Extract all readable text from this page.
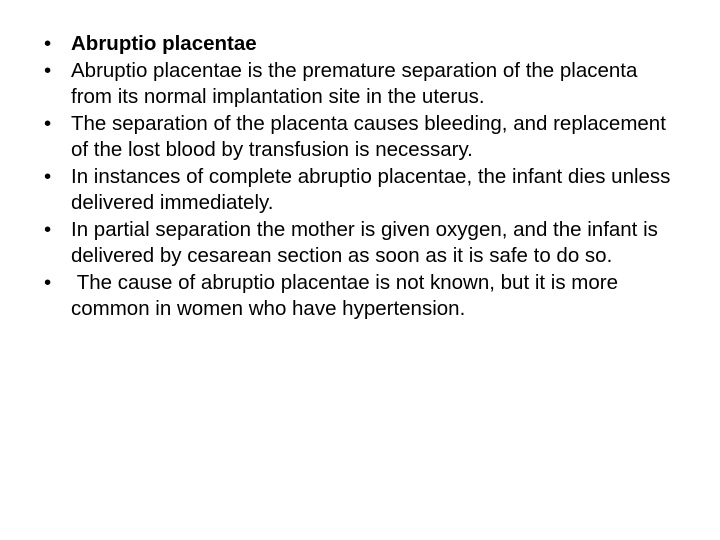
• Abruptio placentae
• Abruptio placentae is the premature separation of the placenta from its normal implantation site in the uterus.
• The separation of the placenta causes bleeding, and replacement of the lost blood by transfusion is necessary.
• In instances of complete abruptio placentae, the infant dies unless delivered immediately.
• In partial separation the mother is given oxygen, and the infant is delivered by cesarean section as soon as it is safe to do so.
• The cause of abruptio placentae is not known, but it is more common in women who have hypertension.
